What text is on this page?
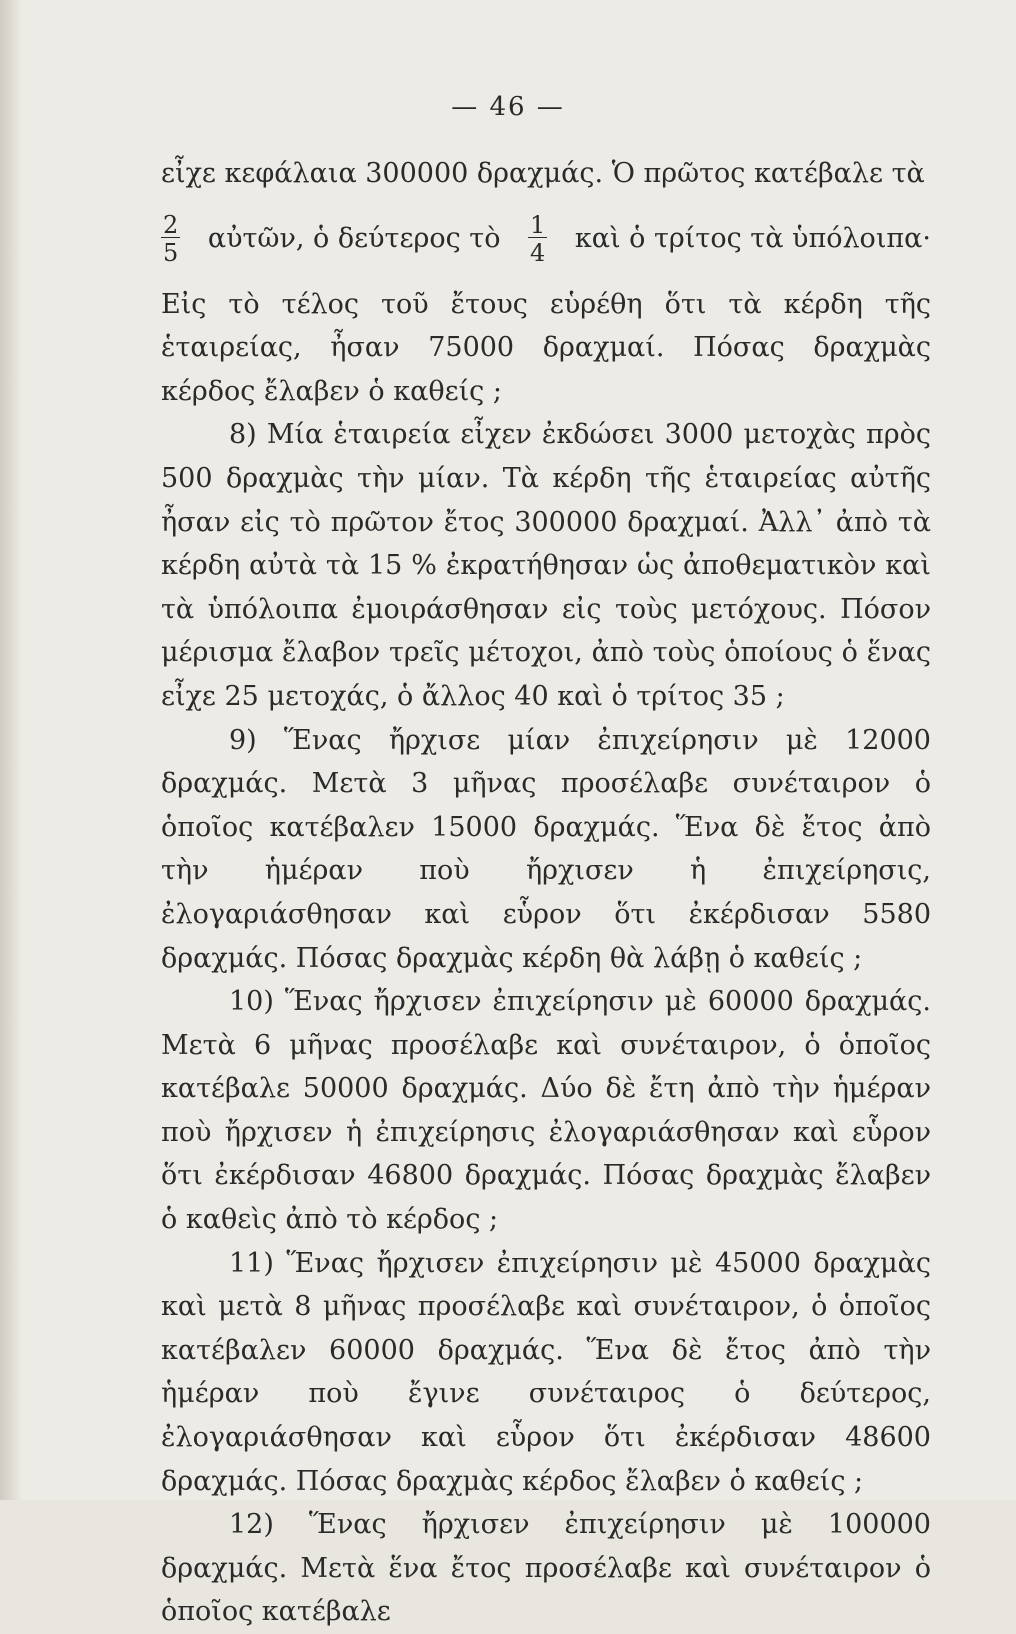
— 46 —

εἶχε κεφάλαια 300000 δραχμάς. Ὁ πρῶτος κατέβαλε τὰ

$\frac{2}{5}$ αὐτῶν, ὁ δεύτερος τὸ $\frac{1}{4}$ καὶ ὁ τρίτος τὰ ὑπόλοιπα·

Εἰς τὸ τέλος τοῦ ἔτους εὑρέθη ὅτι τὰ κέρδη τῆς ἑταιρείας, ἦσαν 75000 δραχμαί. Πόσας δραχμὰς κέρδος ἔλαβεν ὁ καθείς ;

8) Μία ἑταιρεία εἶχεν ἐκδώσει 3000 μετοχὰς πρὸς 500 δραχμὰς τὴν μίαν. Τὰ κέρδη τῆς ἑταιρείας αὐτῆς ἦσαν εἰς τὸ πρῶτον ἔτος 300000 δραχμαί. Ἀλλ᾿ ἀπὸ τὰ κέρδη αὐτὰ τὰ 15 % ἐκρατήθησαν ὡς ἀποθεματικὸν καὶ τὰ ὑπόλοιπα ἐμοιράσθησαν εἰς τοὺς μετόχους. Πόσον μέρισμα ἔλαβον τρεῖς μέτοχοι, ἀπὸ τοὺς ὁποίους ὁ ἕνας εἶχε 25 μετοχάς, ὁ ἄλλος 40 καὶ ὁ τρίτος 35 ;

9) Ἕνας ἤρχισε μίαν ἐπιχείρησιν μὲ 12000 δραχμάς. Μετὰ 3 μῆνας προσέλαβε συνέταιρον ὁ ὁποῖος κατέβαλεν 15000 δραχμάς. Ἕνα δὲ ἔτος ἀπὸ τὴν ἡμέραν ποὺ ἤρχισεν ἡ ἐπιχείρησις, ἐλογαριάσθησαν καὶ εὗρον ὅτι ἐκέρδισαν 5580 δραχμάς. Πόσας δραχμὰς κέρδη θὰ λάβῃ ὁ καθείς ;

10) Ἕνας ἤρχισεν ἐπιχείρησιν μὲ 60000 δραχμάς. Μετὰ 6 μῆνας προσέλαβε καὶ συνέταιρον, ὁ ὁποῖος κατέβαλε 50000 δραχμάς. Δύο δὲ ἔτη ἀπὸ τὴν ἡμέραν ποὺ ἤρχισεν ἡ ἐπιχείρησις ἐλογαριάσθησαν καὶ εὗρον ὅτι ἐκέρδισαν 46800 δραχμάς. Πόσας δραχμὰς ἔλαβεν ὁ καθεὶς ἀπὸ τὸ κέρδος ;

11) Ἕνας ἤρχισεν ἐπιχείρησιν μὲ 45000 δραχμὰς καὶ μετὰ 8 μῆνας προσέλαβε καὶ συνέταιρον, ὁ ὁποῖος κατέβαλεν 60000 δραχμάς. Ἕνα δὲ ἔτος ἀπὸ τὴν ἡμέραν ποὺ ἔγινε συνέταιρος ὁ δεύτερος, ἐλογαριάσθησαν καὶ εὗρον ὅτι ἐκέρδισαν 48600 δραχμάς. Πόσας δραχμὰς κέρδος ἔλαβεν ὁ καθείς ;

12) Ἕνας ἤρχισεν ἐπιχείρησιν μὲ 100000 δραχμάς. Μετὰ ἕνα ἔτος προσέλαβε καὶ συνέταιρον ὁ ὁποῖος κατέβαλε
